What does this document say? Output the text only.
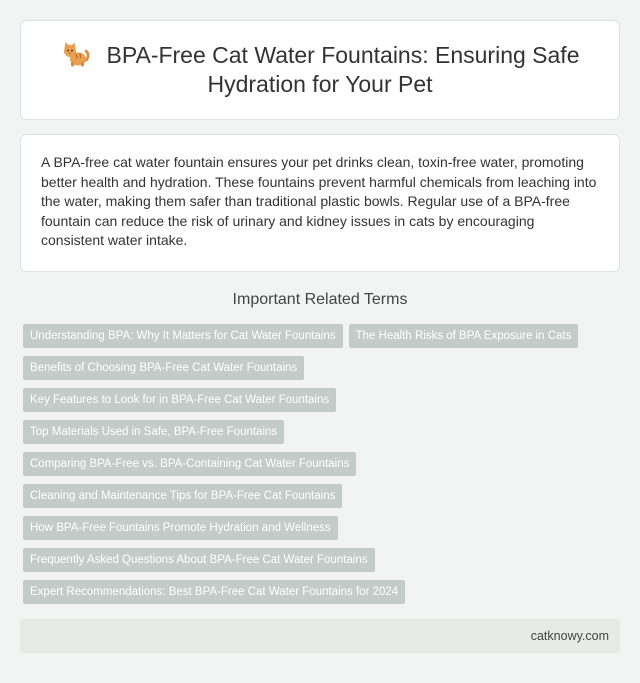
BPA-Free Cat Water Fountains: Ensuring Safe Hydration for Your Pet

A BPA-free cat water fountain ensures your pet drinks clean, toxin-free water, promoting better health and hydration. These fountains prevent harmful chemicals from leaching into the water, making them safer than traditional plastic bowls. Regular use of a BPA-free fountain can reduce the risk of urinary and kidney issues in cats by encouraging consistent water intake.

Important Related Terms
Understanding BPA: Why It Matters for Cat Water Fountains The Health Risks of BPA Exposure in Cats
Benefits of Choosing BPA-Free Cat Water Fountains
Key Features to Look for in BPA-Free Cat Water Fountains
Top Materials Used in Safe, BPA-Free Fountains
Comparing BPA-Free vs. BPA-Containing Cat Water Fountains
Cleaning and Maintenance Tips for BPA-Free Cat Fountains
How BPA-Free Fountains Promote Hydration and Wellness
Frequently Asked Questions About BPA-Free Cat Water Fountains
Expert Recommendations: Best BPA-Free Cat Water Fountains for 2024
catknowy.com
